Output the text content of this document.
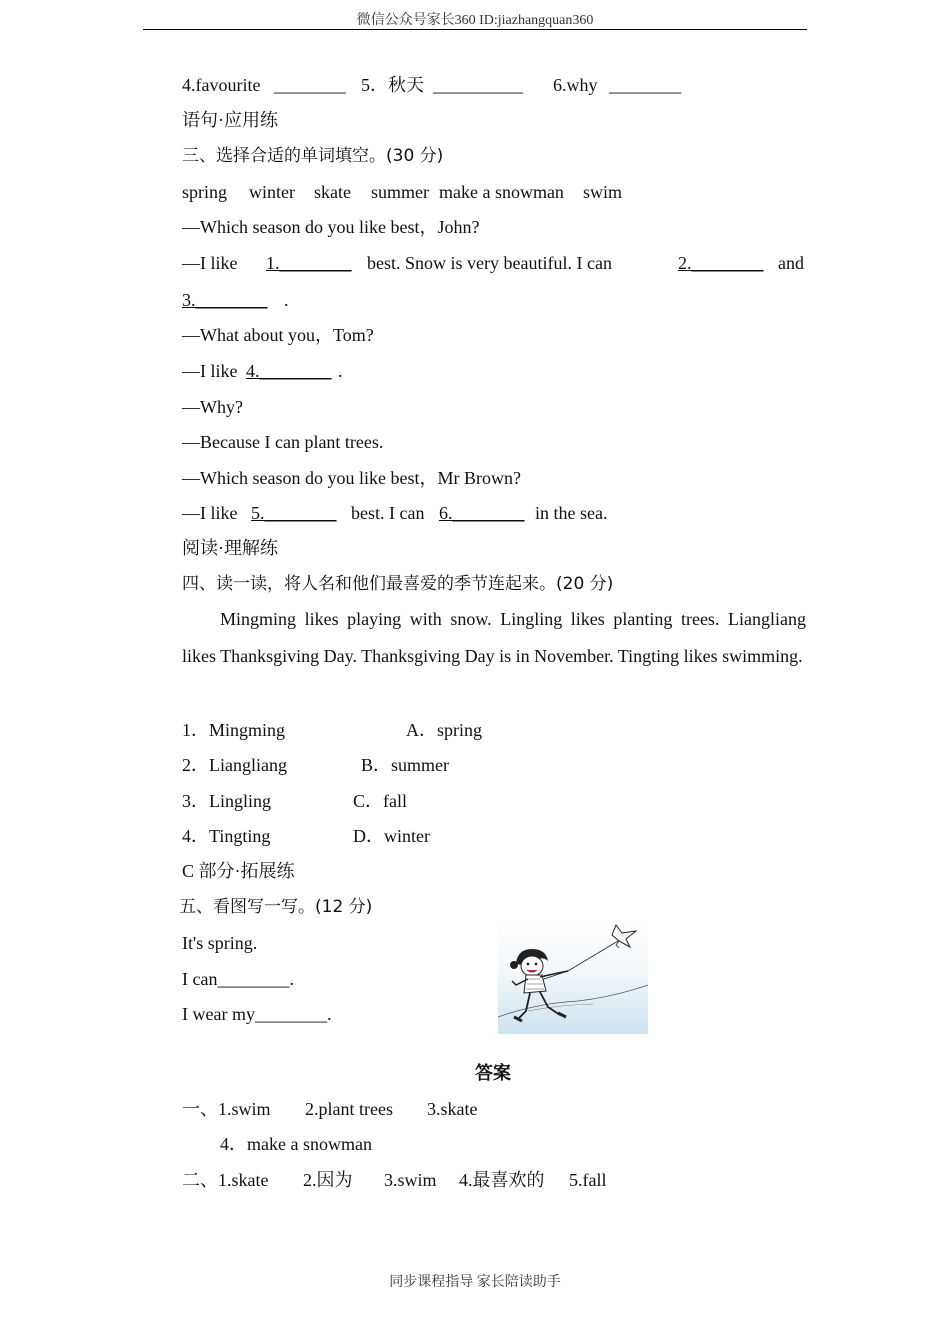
微信公众号家长360 ID:jiazhangquan360
4.favourite ________ 5．秋天 __________ 6.why ________
语句·应用练
三、选择合适的单词填空。(30 分)
spring winter skate summer make a snowman swim
—Which season do you like best，John?
—I like 1.________ best. Snow is very beautiful. I can	2.________ and
3.________ .
—What about you，Tom?
—I like 4.________ .
—Why?
—Because I can plant trees.
—Which season do you like best，Mr Brown?
—I like 5.________ best. I can 6.________ in the sea.
阅读·理解练
四、读一读，将人名和他们最喜爱的季节连起来。(20 分)
Mingming likes playing with snow. Lingling likes planting trees. Liangliang likes Thanksgiving Day. Thanksgiving Day is in November. Tingting likes swimming.
1．Mingming	A．spring
2．Liangliang	B．summer
3．Lingling	C．fall
4．Tingting	D．winter
C 部分·拓展练
五、看图写一写。(12 分)
It's spring.
I can________.
I wear my________.
答案
一、1.swim 2.plant trees 3.skate
4．make a snowman
二、1.skate 2.因为 3.swim 4.最喜欢的 5.fall
同步课程指导 家长陪读助手
